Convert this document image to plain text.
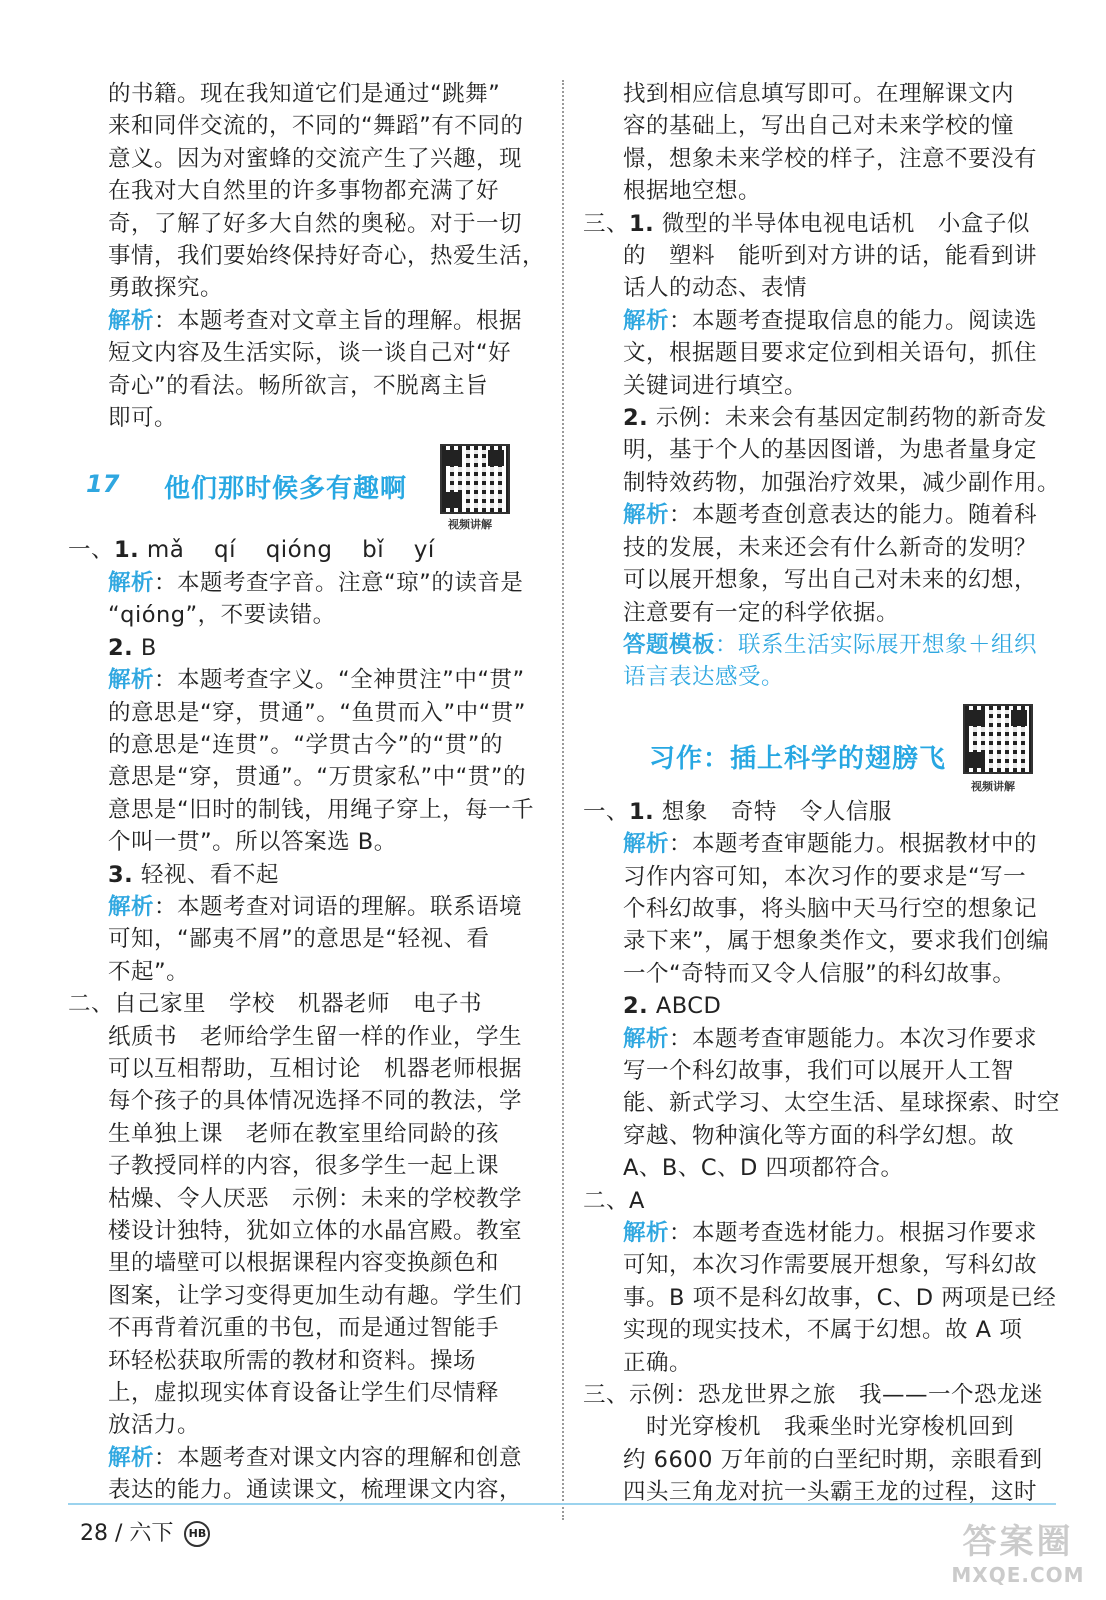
的书籍。现在我知道它们是通过“跳舞”
来和同伴交流的，不同的“舞蹈”有不同的
意义。因为对蜜蜂的交流产生了兴趣，现
在我对大自然里的许多事物都充满了好
奇，了解了好多大自然的奥秘。对于一切
事情，我们要始终保持好奇心，热爱生活，
勇敢探究。
解析：本题考查对文章主旨的理解。根据
短文内容及生活实际，谈一谈自己对“好
奇心”的看法。畅所欲言，不脱离主旨
即可。
17 他们那时候多有趣啊
视频讲解
一、1. mǎ qí qióng bǐ yí
解析：本题考查字音。注意“琼”的读音是
“qióng”，不要读错。
2. B
解析：本题考查字义。“全神贯注”中“贯”
的意思是“穿，贯通”。“鱼贯而入”中“贯”
的意思是“连贯”。“学贯古今”的“贯”的
意思是“穿，贯通”。“万贯家私”中“贯”的
意思是“旧时的制钱，用绳子穿上，每一千
个叫一贯”。所以答案选 B。
3. 轻视、看不起
解析：本题考查对词语的理解。联系语境
可知，“鄙夷不屑”的意思是“轻视、看
不起”。
二、自己家里　学校　机器老师　电子书
纸质书　老师给学生留一样的作业，学生
可以互相帮助，互相讨论　机器老师根据
每个孩子的具体情况选择不同的教法，学
生单独上课　老师在教室里给同龄的孩
子教授同样的内容，很多学生一起上课
枯燥、令人厌恶　示例：未来的学校教学
楼设计独特，犹如立体的水晶宫殿。教室
里的墙壁可以根据课程内容变换颜色和
图案，让学习变得更加生动有趣。学生们
不再背着沉重的书包，而是通过智能手
环轻松获取所需的教材和资料。操场
上，虚拟现实体育设备让学生们尽情释
放活力。
解析：本题考查对课文内容的理解和创意
表达的能力。通读课文，梳理课文内容，
找到相应信息填写即可。在理解课文内
容的基础上，写出自己对未来学校的憧
憬，想象未来学校的样子，注意不要没有
根据地空想。
三、1. 微型的半导体电视电话机　小盒子似
的　塑料　能听到对方讲的话，能看到讲
话人的动态、表情
解析：本题考查提取信息的能力。阅读选
文，根据题目要求定位到相关语句，抓住
关键词进行填空。
2. 示例：未来会有基因定制药物的新奇发
明，基于个人的基因图谱，为患者量身定
制特效药物，加强治疗效果，减少副作用。
解析：本题考查创意表达的能力。随着科
技的发展，未来还会有什么新奇的发明？
可以展开想象，写出自己对未来的幻想，
注意要有一定的科学依据。
答题模板：联系生活实际展开想象＋组织
语言表达感受。
习作：插上科学的翅膀飞
视频讲解
一、1. 想象　奇特　令人信服
解析：本题考查审题能力。根据教材中的
习作内容可知，本次习作的要求是“写一
个科幻故事，将头脑中天马行空的想象记
录下来”，属于想象类作文，要求我们创编
一个“奇特而又令人信服”的科幻故事。
2. ABCD
解析：本题考查审题能力。本次习作要求
写一个科幻故事，我们可以展开人工智
能、新式学习、太空生活、星球探索、时空
穿越、物种演化等方面的科学幻想。故
A、B、C、D 四项都符合。
二、A
解析：本题考查选材能力。根据习作要求
可知，本次习作需要展开想象，写科幻故
事。B 项不是科幻故事，C、D 两项是已经
实现的现实技术，不属于幻想。故 A 项
正确。
三、示例：恐龙世界之旅　我——一个恐龙迷
　时光穿梭机　我乘坐时光穿梭机回到
约 6600 万年前的白垩纪时期，亲眼看到
四头三角龙对抗一头霸王龙的过程，这时
28 / 六下 HB	答案圈
MXQE.COM
